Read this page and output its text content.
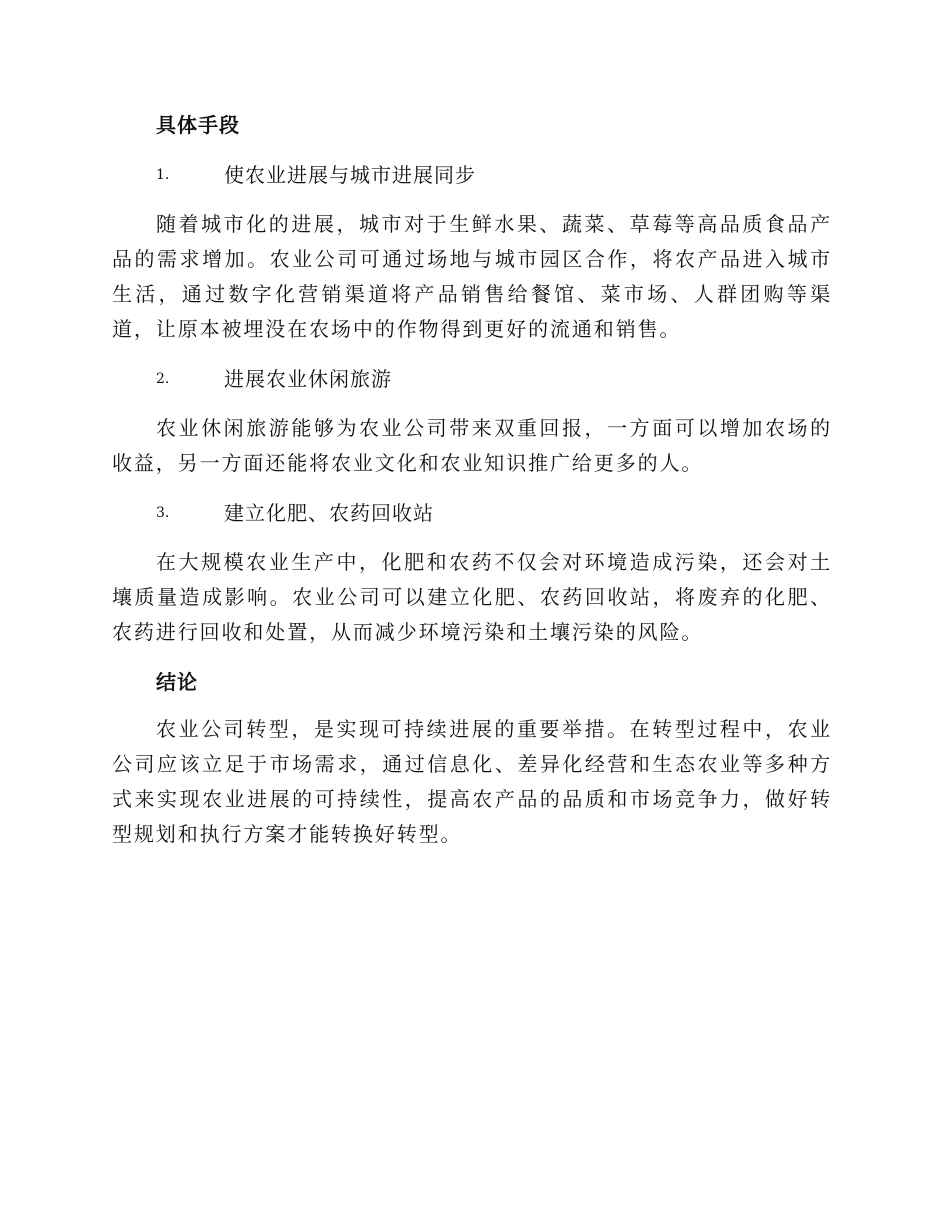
具体手段
1.	使农业进展与城市进展同步

随着城市化的进展，城市对于生鲜水果、蔬菜、草莓等高品质食品产品的需求增加。农业公司可通过场地与城市园区合作，将农产品进入城市生活，通过数字化营销渠道将产品销售给餐馆、菜市场、人群团购等渠道，让原本被埋没在农场中的作物得到更好的流通和销售。

2.	进展农业休闲旅游

农业休闲旅游能够为农业公司带来双重回报，一方面可以增加农场的收益，另一方面还能将农业文化和农业知识推广给更多的人。

3.	建立化肥、农药回收站

在大规模农业生产中，化肥和农药不仅会对环境造成污染，还会对土壤质量造成影响。农业公司可以建立化肥、农药回收站，将废弃的化肥、农药进行回收和处置，从而减少环境污染和土壤污染的风险。

结论

农业公司转型，是实现可持续进展的重要举措。在转型过程中，农业公司应该立足于市场需求，通过信息化、差异化经营和生态农业等多种方式来实现农业进展的可持续性，提高农产品的品质和市场竞争力，做好转型规划和执行方案才能转换好转型。
